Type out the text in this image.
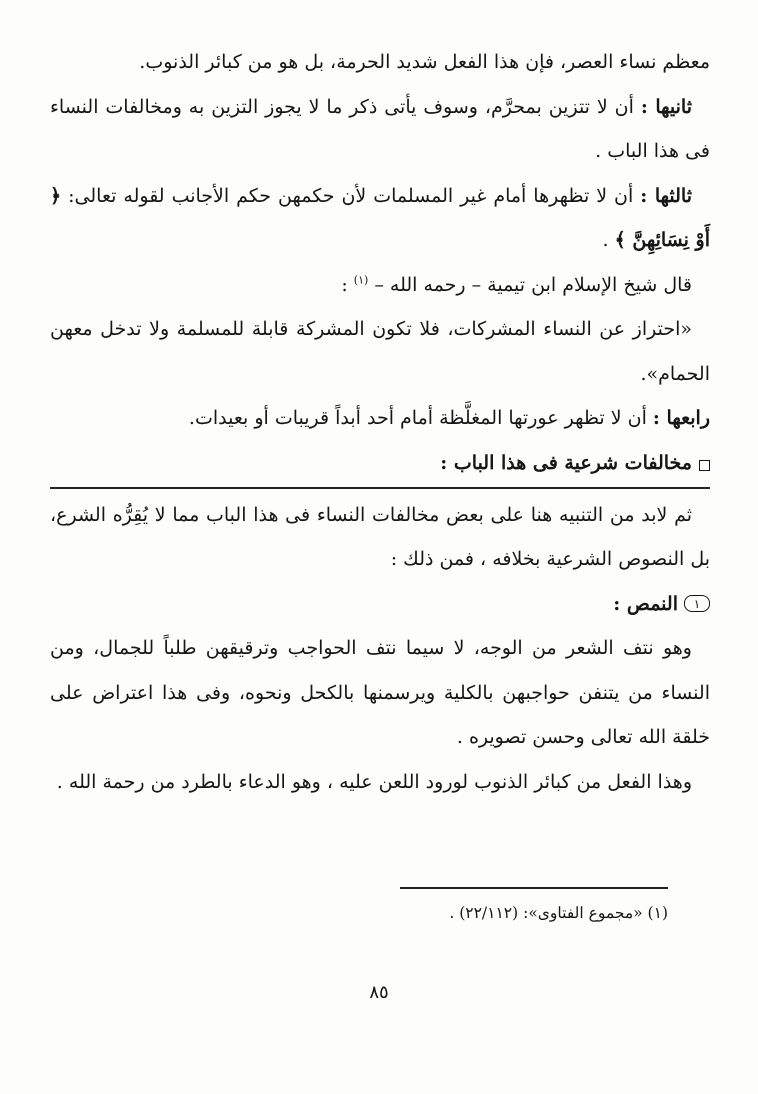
معظم نساء العصر، فإن هذا الفعل شديد الحرمة، بل هو من كبائر الذنوب.

ثانيها : أن لا تتزين بمحرَّم، وسوف يأتى ذكر ما لا يجوز التزين به ومخالفات النساء فى هذا الباب .

ثالثها : أن لا تظهرها أمام غير المسلمات لأن حكمهن حكم الأجانب لقوله تعالى: ﴿ أَوْ نِسَائِهِنَّ ﴾ .

قال شيخ الإسلام ابن تيمية – رحمه الله – $^{(١)}$ :

«احتراز عن النساء المشركات، فلا تكون المشركة قابلة للمسلمة ولا تدخل معهن الحمام».

رابعها : أن لا تظهر عورتها المغلَّظة أمام أحد أبداً قريبات أو بعيدات.

مخالفات شرعية فى هذا الباب :

ثم لابد من التنبيه هنا على بعض مخالفات النساء فى هذا الباب مما لا يُقِرُّه الشرع، بل النصوص الشرعية بخلافه ، فمن ذلك :

١
النمص :

وهو نتف الشعر من الوجه، لا سيما نتف الحواجب وترقيقهن طلباً للجمال، ومن النساء من يتنفن حواجبهن بالكلية ويرسمنها بالكحل ونحوه، وفى هذا اعتراض على خلقة الله تعالى وحسن تصويره .

وهذا الفعل من كبائر الذنوب لورود اللعن عليه ، وهو الدعاء بالطرد من رحمة الله .

(١) «مجموع الفتاوى»: (٢٢/١١٢) .

٨٥
